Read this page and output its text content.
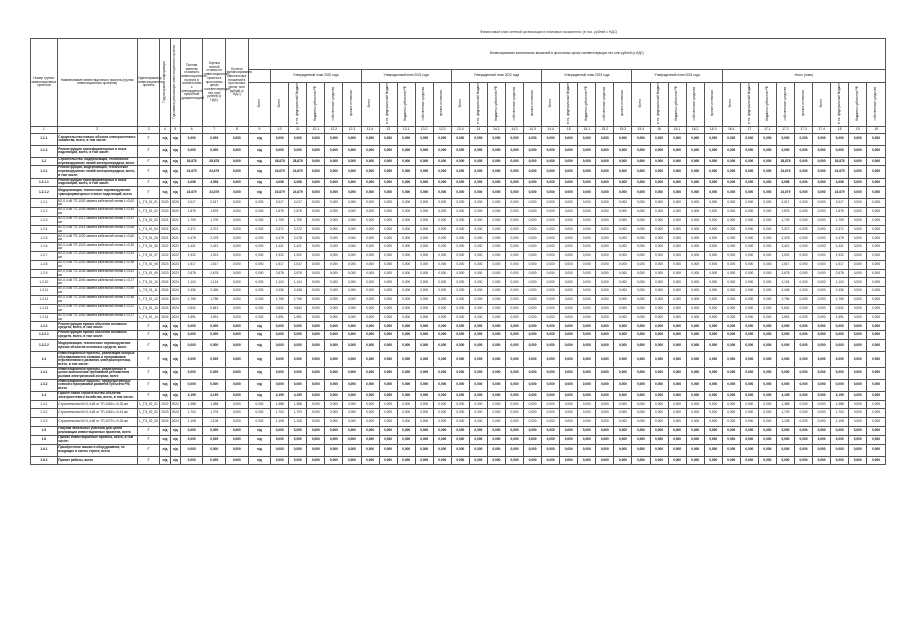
Финансовый план сетевой организации в плановых показателях (в тыс. рублей с НДС)
Номер группы инвестиционных проектов	Наименование инвестиционного проекта (группы инвестиционных проектов)	Идентификатор инвестиционного проекта	Год раскрытия информации	Год начала реализации инвестиционного проекта	Полная сметная стоимость инвестиционного проекта в соответствии с утвержденной проектной документацией	Оценка полной стоимости инвестиционного проекта в прогнозных ценах соответствующих лет, млн рублей (с НДС)	Остаток финансирования капитальных вложений в прогнозных ценах, млн рублей (с НДС)	Финансирование капитальных вложений в прогнозных ценах соответствующих лет, млн рублей (с НДС)																																		
									Утвержденный план 2020 года					Утвержденный план 2021 года					Утвержденный план 2022 года					Утвержденный план 2023 года					Утвержденный план 2024 года					Итого (план)								
								Всего	Всего	в т.ч. федеральный бюджет	бюджеты субъектов РФ	собственные средства	прочие источники	Всего	в т.ч. федеральный бюджет	бюджеты субъектов РФ	собственные средства	прочие источники	Всего	в т.ч. федеральный бюджет	бюджеты субъектов РФ	собственные средства	прочие источники	Всего	в т.ч. федеральный бюджет	бюджеты субъектов РФ	собственные средства	прочие источники	Всего	в т.ч. федеральный бюджет	бюджеты субъектов РФ	собственные средства	прочие источники	Всего	в т.ч. федеральный бюджет	бюджеты субъектов РФ	собственные средства	прочие источники	Всего	в т.ч. федеральный бюджет	бюджеты субъектов РФ	собственные средства
1	2	3	4	5	6	7	8	9	10	11	12.1	12.2	12.3	12.4	13	13.1	13.2	13.3	13.4	14	14.1	14.2	14.3	14.4	15	15.1	15.2	15.3	15.4	16	16.1	16.2	16.3	16.4	17	17.1	17.2	17.3	17.4	18	19	19
1.1.1	Строительство нового объекта электросетевого хозяйства, всего, в том числе:	Г	н/д	н/д	0,000	0,000	0,000	н/д	0,000	0,000	0,000	0,000	0,000	0,000	0,000	0,000	0,000	0,000	0,000	0,000	0,000	0,000	0,000	0,000	0,000	0,000	0,000	0,000	0,000	0,000	0,000	0,000	0,000	0,000	0,000	0,000	0,000	0,000	0,000	0,000	0,000	0,000
1.1.2	Реконструкция трансформаторных и иных подстанций, всего, в том числе:	Г	н/д	н/д	0,000	0,000	0,000	н/д	0,000	0,000	0,000	0,000	0,000	0,000	0,000	0,000	0,000	0,000	0,000	0,000	0,000	0,000	0,000	0,000	0,000	0,000	0,000	0,000	0,000	0,000	0,000	0,000	0,000	0,000	0,000	0,000	0,000	0,000	0,000	0,000	0,000	0,000
1.2	Строительство, модернизация, техническое перевооружение линий электропередачи, всего	Г	н/д	н/д	28,878	28,878	0,000	н/д	28,878	28,878	0,000	0,000	0,000	0,000	0,000	0,000	0,000	0,000	0,000	0,000	0,000	0,000	0,000	0,000	0,000	0,000	0,000	0,000	0,000	0,000	0,000	0,000	0,000	0,000	0,000	0,000	28,878	0,000	0,000	28,878	0,000	0,000
1.2.1	Реконструкция, модернизация, техническое перевооружение линий электропередачи, всего, в том числе:	Г	н/д	н/д	24,679	24,679	0,000	н/д	24,679	24,679	0,000	0,000	0,000	0,000	0,000	0,000	0,000	0,000	0,000	0,000	0,000	0,000	0,000	0,000	0,000	0,000	0,000	0,000	0,000	0,000	0,000	0,000	0,000	0,000	0,000	0,000	24,679	0,000	0,000	24,679	0,000	0,000
1.2.1.1	Реконструкция трансформаторных и иных подстанций, всего, в том числе:	Г	н/д	н/д	4,098	4,098	0,000	н/д	4,098	4,098	0,000	0,000	0,000	0,000	0,000	0,000	0,000	0,000	0,000	0,000	0,000	0,000	0,000	0,000	0,000	0,000	0,000	0,000	0,000	0,000	0,000	0,000	0,000	0,000	0,000	0,000	4,098	0,000	0,000	4,098	0,000	0,000
1.2.1.2	Модернизация, техническое перевооружение трансформаторных и иных подстанций, всего	Г	н/д	н/д	24,679	24,679	0,000	н/д	24,679	24,679	0,000	0,000	0,000	0,000	0,000	0,000	0,000	0,000	0,000	0,000	0,000	0,000	0,000	0,000	0,000	0,000	0,000	0,000	0,000	0,000	0,000	0,000	0,000	0,000	0,000	0,000	24,679	0,000	0,000	24,679	0,000	0,000
1.2.1	КЛ-0,4 кВ ТП-1002 замена кабельной линии L=0,62 км	L_ТЭ_01_01	2020	2020	2,017	2,017	0,000	0,000	2,017	2,017	0,000	0,000	0,000	0,000	0,000	0,000	0,000	0,000	0,000	0,000	0,000	0,000	0,000	0,000	0,000	0,000	0,000	0,000	0,000	0,000	0,000	0,000	0,000	0,000	0,000	0,000	2,017	0,000	0,000	2,017	0,000	0,000
1.2.2	КЛ-0,4 кВ ТП-1005 замена кабельной линии L=0,45 км	L_ТЭ_01_02	2020	2020	1,876	1,876	0,000	0,000	1,876	1,876	0,000	0,000	0,000	0,000	0,000	0,000	0,000	0,000	0,000	0,000	0,000	0,000	0,000	0,000	0,000	0,000	0,000	0,000	0,000	0,000	0,000	0,000	0,000	0,000	0,000	0,000	1,876	0,000	0,000	1,876	0,000	0,000
1.2.3	КЛ-0,4 кВ ТП-1012 замена кабельной линии L=0,51 км	L_ТЭ_01_03	2021	2021	1,709	1,709	0,000	0,000	1,709	1,709	0,000	0,000	0,000	0,000	0,000	0,000	0,000	0,000	0,000	0,000	0,000	0,000	0,000	0,000	0,000	0,000	0,000	0,000	0,000	0,000	0,000	0,000	0,000	0,000	0,000	0,000	1,709	0,000	0,000	1,709	0,000	0,000
1.2.4	КЛ-0,4 кВ ТП-1014 замена кабельной линии L=0,58 км	L_ТЭ_01_04	2021	2021	2,372	2,372	0,000	0,000	2,372	2,372	0,000	0,000	0,000	0,000	0,000	0,000	0,000	0,000	0,000	0,000	0,000	0,000	0,000	0,000	0,000	0,000	0,000	0,000	0,000	0,000	0,000	0,000	0,000	0,000	0,000	0,000	2,372	0,000	0,000	2,372	0,000	0,000
1.2.5	КЛ-0,4 кВ ТП-1020 замена кабельной линии L=0,60 км	L_ТЭ_01_05	2021	2021	2,478	2,478	0,000	0,000	2,478	2,478	0,000	0,000	0,000	0,000	0,000	0,000	0,000	0,000	0,000	0,000	0,000	0,000	0,000	0,000	0,000	0,000	0,000	0,000	0,000	0,000	0,000	0,000	0,000	0,000	0,000	0,000	2,478	0,000	0,000	2,478	0,000	0,000
1.2.6	КЛ-0,4 кВ ТП-1023 замена кабельной линии L=0,35 км	L_ТЭ_01_06	2022	2022	1,421	1,421	0,000	0,000	1,421	1,421	0,000	0,000	0,000	0,000	0,000	0,000	0,000	0,000	0,000	0,000	0,000	0,000	0,000	0,000	0,000	0,000	0,000	0,000	0,000	0,000	0,000	0,000	0,000	0,000	0,000	0,000	1,421	0,000	0,000	1,421	0,000	0,000
1.2.7	КЛ-0,4 кВ ТП-1025 замена кабельной линии L=0,44 км	L_ТЭ_01_07	2022	2022	1,922	1,922	0,000	0,000	1,922	1,922	0,000	0,000	0,000	0,000	0,000	0,000	0,000	0,000	0,000	0,000	0,000	0,000	0,000	0,000	0,000	0,000	0,000	0,000	0,000	0,000	0,000	0,000	0,000	0,000	0,000	0,000	1,922	0,000	0,000	1,922	0,000	0,000
1.2.8	КЛ-0,4 кВ ТП-1030 замена кабельной линии L=0,38 км	L_ТЭ_01_08	2023	2023	1,517	1,517	0,000	0,000	1,517	1,517	0,000	0,000	0,000	0,000	0,000	0,000	0,000	0,000	0,000	0,000	0,000	0,000	0,000	0,000	0,000	0,000	0,000	0,000	0,000	0,000	0,000	0,000	0,000	0,000	0,000	0,000	1,517	0,000	0,000	1,517	0,000	0,000
1.2.9	КЛ-0,4 кВ ТП-1034 замена кабельной линии L=0,61 км	L_ТЭ_01_09	2023	2023	2,678	2,678	0,000	0,000	2,678	2,678	0,000	0,000	0,000	0,000	0,000	0,000	0,000	0,000	0,000	0,000	0,000	0,000	0,000	0,000	0,000	0,000	0,000	0,000	0,000	0,000	0,000	0,000	0,000	0,000	0,000	0,000	2,678	0,000	0,000	2,678	0,000	0,000
1.2.10	КЛ-0,4 кВ ТП-1040 замена кабельной линии L=0,27 км	L_ТЭ_01_10	2024	2024	1,124	1,124	0,000	0,000	1,124	1,124	0,000	0,000	0,000	0,000	0,000	0,000	0,000	0,000	0,000	0,000	0,000	0,000	0,000	0,000	0,000	0,000	0,000	0,000	0,000	0,000	0,000	0,000	0,000	0,000	0,000	0,000	1,124	0,000	0,000	1,124	0,000	0,000
1.2.11	КЛ-0,4 кВ ТП-1043 замена кабельной линии L=0,59 км	L_ТЭ_01_11	2024	2024	2,436	2,436	0,000	0,000	2,436	2,436	0,000	0,000	0,000	0,000	0,000	0,000	0,000	0,000	0,000	0,000	0,000	0,000	0,000	0,000	0,000	0,000	0,000	0,000	0,000	0,000	0,000	0,000	0,000	0,000	0,000	0,000	2,436	0,000	0,000	2,436	0,000	0,000
1.2.12	КЛ-0,4 кВ ТП-1046 замена кабельной линии L=0,48 км	L_ТЭ_01_12	2024	2024	1,796	1,796	0,000	0,000	1,796	1,796	0,000	0,000	0,000	0,000	0,000	0,000	0,000	0,000	0,000	0,000	0,000	0,000	0,000	0,000	0,000	0,000	0,000	0,000	0,000	0,000	0,000	0,000	0,000	0,000	0,000	0,000	1,796	0,000	0,000	1,796	0,000	0,000
1.2.13	КЛ-0,4 кВ ТП-1050 замена кабельной линии L=0,22 км	L_ТЭ_01_13	2024	2024	0,842	0,842	0,000	0,000	0,842	0,842	0,000	0,000	0,000	0,000	0,000	0,000	0,000	0,000	0,000	0,000	0,000	0,000	0,000	0,000	0,000	0,000	0,000	0,000	0,000	0,000	0,000	0,000	0,000	0,000	0,000	0,000	0,842	0,000	0,000	0,842	0,000	0,000
1.2.14	КЛ-0,4 кВ ТП-1052 замена кабельной линии L=0,37 км	L_ТЭ_01_14	2024	2024	1,591	1,591	0,000	0,000	1,591	1,591	0,000	0,000	0,000	0,000	0,000	0,000	0,000	0,000	0,000	0,000	0,000	0,000	0,000	0,000	0,000	0,000	0,000	0,000	0,000	0,000	0,000	0,000	0,000	0,000	0,000	0,000	1,591	0,000	0,000	1,591	0,000	0,000
1.2.2	Реконструкция прочих объектов основных средств, всего, в том числе:	Г	н/д	н/д	0,000	0,000	0,000	н/д	0,000	0,000	0,000	0,000	0,000	0,000	0,000	0,000	0,000	0,000	0,000	0,000	0,000	0,000	0,000	0,000	0,000	0,000	0,000	0,000	0,000	0,000	0,000	0,000	0,000	0,000	0,000	0,000	0,000	0,000	0,000	0,000	0,000	0,000
1.2.2.1	Реконструкция прочих объектов основных средств, всего, в том числе:	Г	н/д	н/д	0,000	0,000	0,000	н/д	0,000	0,000	0,000	0,000	0,000	0,000	0,000	0,000	0,000	0,000	0,000	0,000	0,000	0,000	0,000	0,000	0,000	0,000	0,000	0,000	0,000	0,000	0,000	0,000	0,000	0,000	0,000	0,000	0,000	0,000	0,000	0,000	0,000	0,000
1.2.2.2	Модернизация, техническое перевооружение прочих объектов основных средств, всего	Г	н/д	н/д	0,000	0,000	0,000	н/д	0,000	0,000	0,000	0,000	0,000	0,000	0,000	0,000	0,000	0,000	0,000	0,000	0,000	0,000	0,000	0,000	0,000	0,000	0,000	0,000	0,000	0,000	0,000	0,000	0,000	0,000	0,000	0,000	0,000	0,000	0,000	0,000	0,000	0,000
1.3	Инвестиционные проекты, реализация которых обуславливается схемами и программами перспективного развития электроэнергетики, всего, в том числе:	Г	н/д	н/д	0,000	0,000	0,000	н/д	0,000	0,000	0,000	0,000	0,000	0,000	0,000	0,000	0,000	0,000	0,000	0,000	0,000	0,000	0,000	0,000	0,000	0,000	0,000	0,000	0,000	0,000	0,000	0,000	0,000	0,000	0,000	0,000	0,000	0,000	0,000	0,000	0,000	0,000
1.3.1	Инвестиционные проекты, реализуемые в целях выполнения требований регламентов рынков электрической энергии, всего	Г	н/д	н/д	0,000	0,000	0,000	н/д	0,000	0,000	0,000	0,000	0,000	0,000	0,000	0,000	0,000	0,000	0,000	0,000	0,000	0,000	0,000	0,000	0,000	0,000	0,000	0,000	0,000	0,000	0,000	0,000	0,000	0,000	0,000	0,000	0,000	0,000	0,000	0,000	0,000	0,000
1.3.2	Инвестиционные проекты, предусмотренные схемой и программой развития субъекта РФ, всего	Г	н/д	н/д	0,000	0,000	0,000	н/д	0,000	0,000	0,000	0,000	0,000	0,000	0,000	0,000	0,000	0,000	0,000	0,000	0,000	0,000	0,000	0,000	0,000	0,000	0,000	0,000	0,000	0,000	0,000	0,000	0,000	0,000	0,000	0,000	0,000	0,000	0,000	0,000	0,000	0,000
1.4	Прочее новое строительство объектов электросетевого хозяйства, всего, в том числе:	Г	н/д	н/д	4,199	4,199	0,000	н/д	4,199	4,199	0,000	0,000	0,000	0,000	0,000	0,000	0,000	0,000	0,000	0,000	0,000	0,000	0,000	0,000	0,000	0,000	0,000	0,000	0,000	0,000	0,000	0,000	0,000	0,000	0,000	0,000	4,199	0,000	0,000	4,199	0,000	0,000
1.4.1	Строительство КЛ-0,4 кВ от ТП-1060 L=0,32 км	L_ТЭ_02_01	2022	2022	1,388	1,388	0,000	0,000	1,388	1,388	0,000	0,000	0,000	0,000	0,000	0,000	0,000	0,000	0,000	0,000	0,000	0,000	0,000	0,000	0,000	0,000	0,000	0,000	0,000	0,000	0,000	0,000	0,000	0,000	0,000	0,000	1,388	0,000	0,000	1,388	0,000	0,000
1.4.2	Строительство КЛ-0,4 кВ от ТП-1064 L=0,41 км	L_ТЭ_02_02	2023	2023	1,703	1,703	0,000	0,000	1,703	1,703	0,000	0,000	0,000	0,000	0,000	0,000	0,000	0,000	0,000	0,000	0,000	0,000	0,000	0,000	0,000	0,000	0,000	0,000	0,000	0,000	0,000	0,000	0,000	0,000	0,000	0,000	1,703	0,000	0,000	1,703	0,000	0,000
1.4.3	Строительство КЛ-0,4 кВ от ТП-1070 L=0,26 км	L_ТЭ_02_03	2024	2024	1,108	1,108	0,000	0,000	1,108	1,108	0,000	0,000	0,000	0,000	0,000	0,000	0,000	0,000	0,000	0,000	0,000	0,000	0,000	0,000	0,000	0,000	0,000	0,000	0,000	0,000	0,000	0,000	0,000	0,000	0,000	0,000	1,108	0,000	0,000	1,108	0,000	0,000
1.5	Покупка земельных участков для целей реализации инвестиционных проектов, всего	Г	н/д	н/д	0,000	0,000	0,000	н/д	0,000	0,000	0,000	0,000	0,000	0,000	0,000	0,000	0,000	0,000	0,000	0,000	0,000	0,000	0,000	0,000	0,000	0,000	0,000	0,000	0,000	0,000	0,000	0,000	0,000	0,000	0,000	0,000	0,000	0,000	0,000	0,000	0,000	0,000
1.6	Прочие инвестиционные проекты, всего, в том числе:	Г	н/д	н/д	0,000	0,000	0,000	н/д	0,000	0,000	0,000	0,000	0,000	0,000	0,000	0,000	0,000	0,000	0,000	0,000	0,000	0,000	0,000	0,000	0,000	0,000	0,000	0,000	0,000	0,000	0,000	0,000	0,000	0,000	0,000	0,000	0,000	0,000	0,000	0,000	0,000	0,000
1.6.1	Приобретение машин и оборудования, не входящих в сметы строек, всего	Г	н/д	н/д	0,000	0,000	0,000	н/д	0,000	0,000	0,000	0,000	0,000	0,000	0,000	0,000	0,000	0,000	0,000	0,000	0,000	0,000	0,000	0,000	0,000	0,000	0,000	0,000	0,000	0,000	0,000	0,000	0,000	0,000	0,000	0,000	0,000	0,000	0,000	0,000	0,000	0,000
1.6.2	Прочие работы, всего	Г	н/д	н/д	0,000	0,000	0,000	н/д	0,000	0,000	0,000	0,000	0,000	0,000	0,000	0,000	0,000	0,000	0,000	0,000	0,000	0,000	0,000	0,000	0,000	0,000	0,000	0,000	0,000	0,000	0,000	0,000	0,000	0,000	0,000	0,000	0,000	0,000	0,000	0,000	0,000	0,000
